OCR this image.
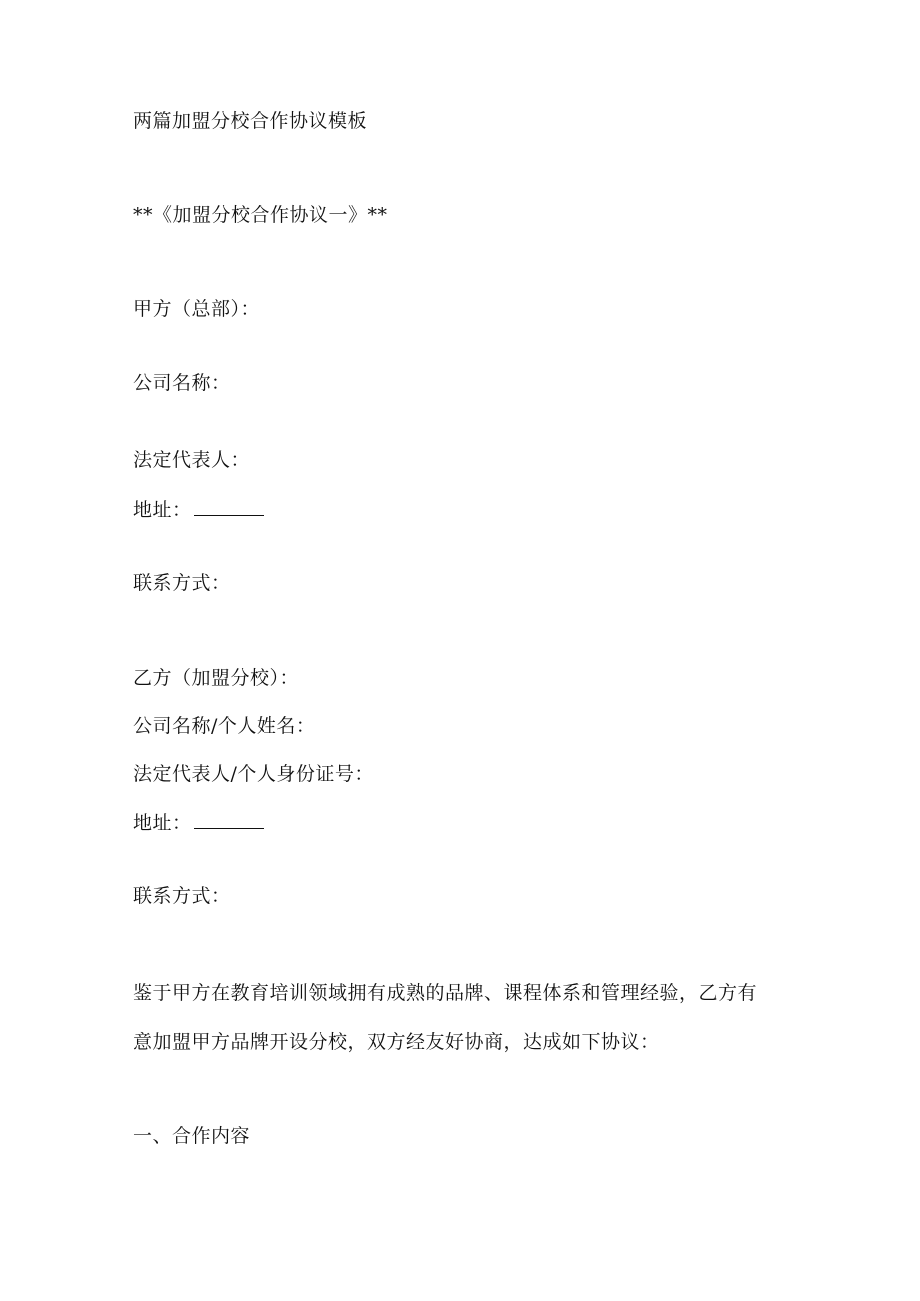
两篇加盟分校合作协议模板
**《加盟分校合作协议一》**
甲方（总部）：
公司名称：
法定代表人：
地址：
联系方式：
乙方（加盟分校）：
公司名称/个人姓名：
法定代表人/个人身份证号：
地址：
联系方式：
鉴于甲方在教育培训领域拥有成熟的品牌、课程体系和管理经验，乙方有
意加盟甲方品牌开设分校，双方经友好协商，达成如下协议：
一、合作内容
